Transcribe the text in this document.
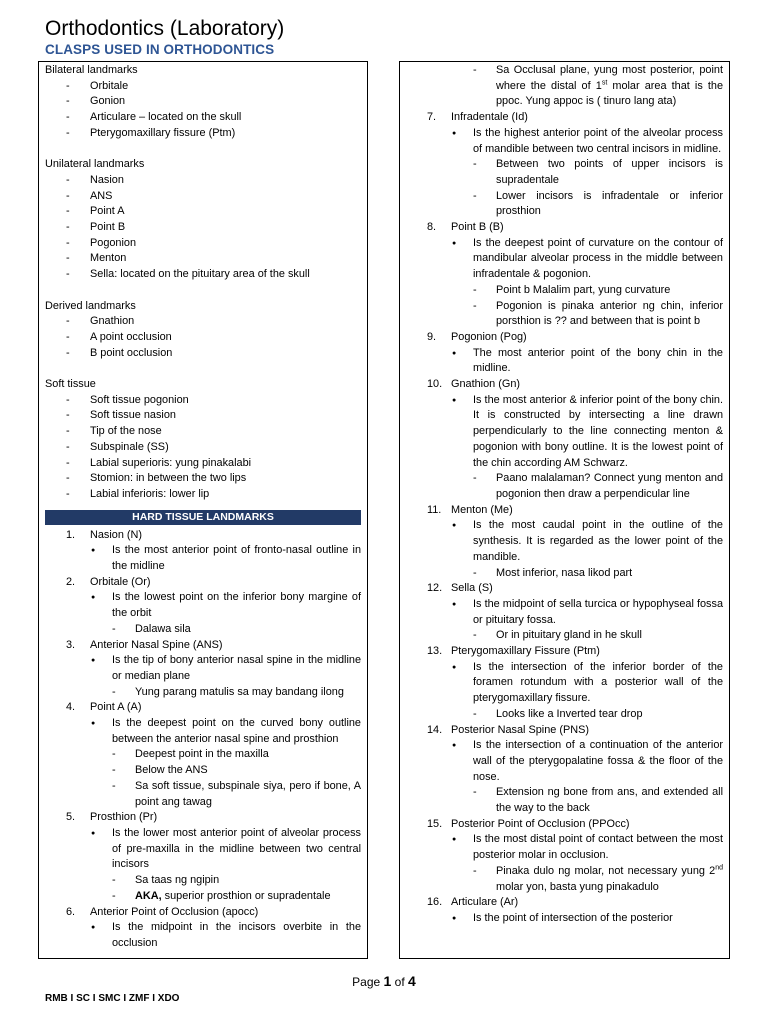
Orthodontics (Laboratory)
CLASPS USED IN ORTHODONTICS
Bilateral landmarks
- Orbitale
- Gonion
- Articulare – located on the skull
- Pterygomaxillary fissure (Ptm)
Unilateral landmarks
- Nasion
- ANS
- Point A
- Point B
- Pogonion
- Menton
- Sella: located on the pituitary area of the skull
Derived landmarks
- Gnathion
- A point occlusion
- B point occlusion
Soft tissue
- Soft tissue pogonion
- Soft tissue nasion
- Tip of the nose
- Subspinale (SS)
- Labial superioris: yung pinakalabi
- Stomion: in between the two lips
- Labial inferioris: lower lip
HARD TISSUE LANDMARKS
1. Nasion (N)
● Is the most anterior point of fronto-nasal outline in the midline
2. Orbitale (Or)
● Is the lowest point on the inferior bony margine of the orbit
- Dalawa sila
3. Anterior Nasal Spine (ANS)
● Is the tip of bony anterior nasal spine in the midline or median plane
- Yung parang matulis sa may bandang ilong
4. Point A (A)
● Is the deepest point on the curved bony outline between the anterior nasal spine and prosthion
- Deepest point in the maxilla
- Below the ANS
- Sa soft tissue, subspinale siya, pero if bone, A point ang tawag
5. Prosthion (Pr)
● Is the lower most anterior point of alveolar process of pre-maxilla in the midline between two central incisors
- Sa taas ng ngipin
- AKA, superior prosthion or supradentale
6. Anterior Point of Occlusion (apocc)
● Is the midpoint in the incisors overbite in the occlusion
- Sa Occlusal plane, yung most posterior, point where the distal of 1st molar area that is the ppoc. Yung appoc is ( tinuro lang ata)
7. Infradentale (Id)
● Is the highest anterior point of the alveolar process of mandible between two central incisors in midline.
- Between two points of upper incisors is supradentale
- Lower incisors is infradentale or inferior prosthion
8. Point B (B)
● Is the deepest point of curvature on the contour of mandibular alveolar process in the middle between infradentale & pogonion.
- Point b Malalim part, yung curvature
- Pogonion is pinaka anterior ng chin, inferior porsthion is ?? and between that is point b
9. Pogonion (Pog)
● The most anterior point of the bony chin in the midline.
10. Gnathion (Gn)
● Is the most anterior & inferior point of the bony chin. It is constructed by intersecting a line drawn perpendicularly to the line connecting menton & pogonion with bony outline. It is the lowest point of the chin according AM Schwarz.
- Paano malalaman? Connect yung menton and pogonion then draw a perpendicular line
11. Menton (Me)
● Is the most caudal point in the outline of the synthesis. It is regarded as the lower point of the mandible.
- Most inferior, nasa likod part
12. Sella (S)
● Is the midpoint of sella turcica or hypophyseal fossa or pituitary fossa.
- Or in pituitary gland in he skull
13. Pterygomaxillary Fissure (Ptm)
● Is the intersection of the inferior border of the foramen rotundum with a posterior wall of the pterygomaxillary fissure.
- Looks like a Inverted tear drop
14. Posterior Nasal Spine (PNS)
● Is the intersection of a continuation of the anterior wall of the pterygopalatine fossa & the floor of the nose.
- Extension ng bone from ans, and extended all the way to the back
15. Posterior Point of Occlusion (PPOcc)
● Is the most distal point of contact between the most posterior molar in occlusion.
- Pinaka dulo ng molar, not necessary yung 2nd molar yon, basta yung pinakadulo
16. Articulare (Ar)
● Is the point of intersection of the posterior
Page 1 of 4
RMB I SC I SMC I ZMF I XDO
